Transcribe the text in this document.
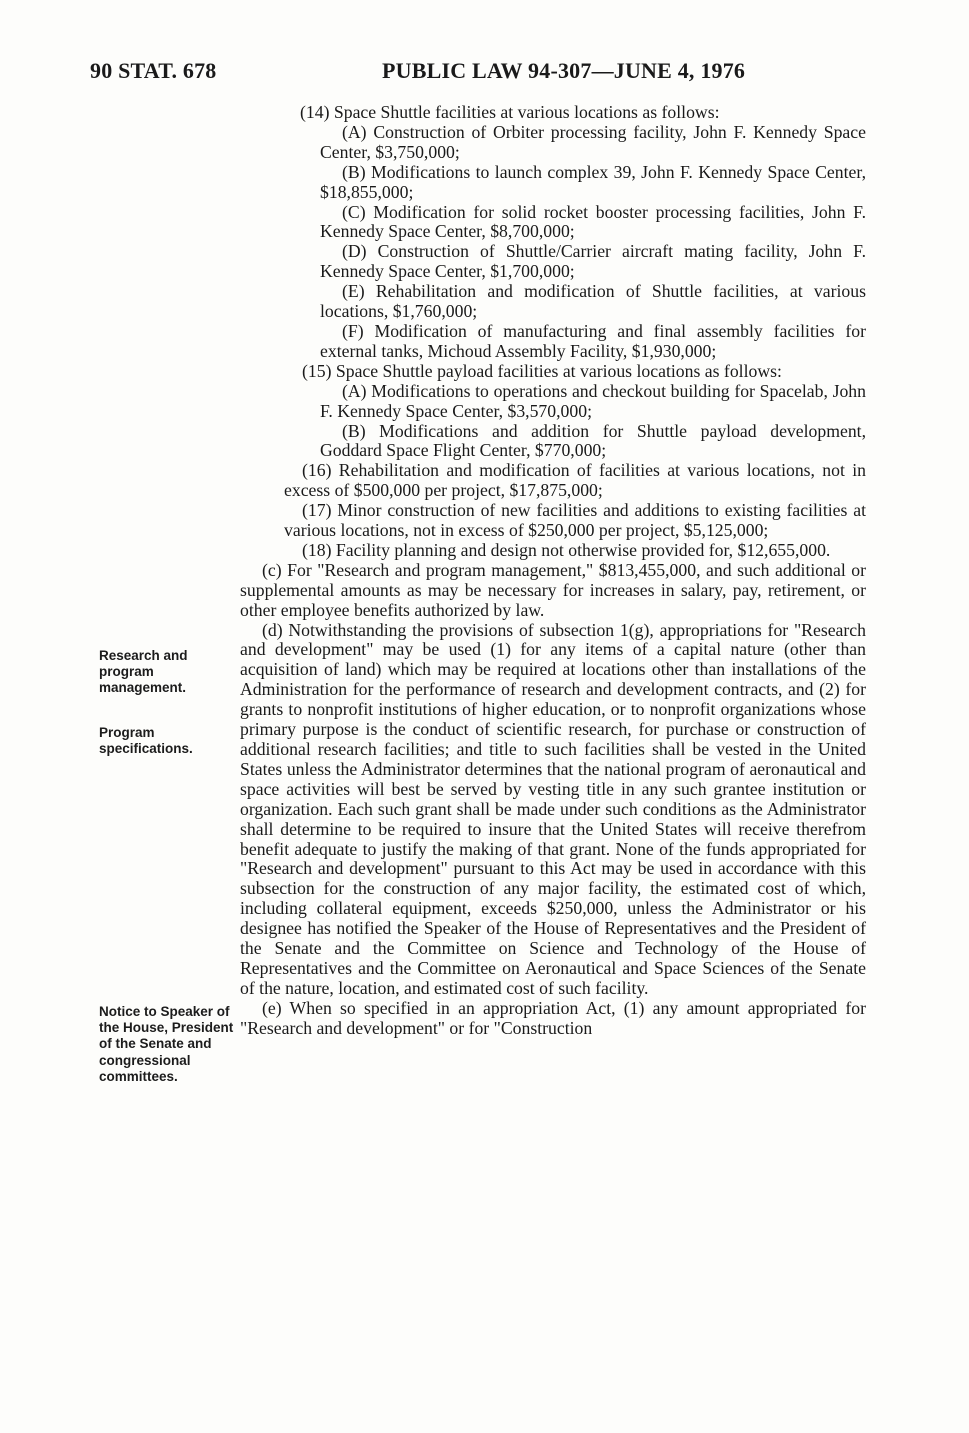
90 STAT. 678	PUBLIC LAW 94-307—JUNE 4, 1976
Research and program management.
Program specifications.
Notice to Speaker of the House, President of the Senate and congressional committees.

(14) Space Shuttle facilities at various locations as follows:

(A) Construction of Orbiter processing facility, John F. Kennedy Space Center, $3,750,000;

(B) Modifications to launch complex 39, John F. Kennedy Space Center, $18,855,000;

(C) Modification for solid rocket booster processing facilities, John F. Kennedy Space Center, $8,700,000;

(D) Construction of Shuttle/Carrier aircraft mating facility, John F. Kennedy Space Center, $1,700,000;

(E) Rehabilitation and modification of Shuttle facilities, at various locations, $1,760,000;

(F) Modification of manufacturing and final assembly facilities for external tanks, Michoud Assembly Facility, $1,930,000;

(15) Space Shuttle payload facilities at various locations as follows:

(A) Modifications to operations and checkout building for Spacelab, John F. Kennedy Space Center, $3,570,000;

(B) Modifications and addition for Shuttle payload development, Goddard Space Flight Center, $770,000;

(16) Rehabilitation and modification of facilities at various locations, not in excess of $500,000 per project, $17,875,000;

(17) Minor construction of new facilities and additions to existing facilities at various locations, not in excess of $250,000 per project, $5,125,000;

(18) Facility planning and design not otherwise provided for, $12,655,000.

(c) For "Research and program management," $813,455,000, and such additional or supplemental amounts as may be necessary for increases in salary, pay, retirement, or other employee benefits authorized by law.

(d) Notwithstanding the provisions of subsection 1(g), appropriations for "Research and development" may be used (1) for any items of a capital nature (other than acquisition of land) which may be required at locations other than installations of the Administration for the performance of research and development contracts, and (2) for grants to nonprofit institutions of higher education, or to nonprofit organizations whose primary purpose is the conduct of scientific research, for purchase or construction of additional research facilities; and title to such facilities shall be vested in the United States unless the Administrator determines that the national program of aeronautical and space activities will best be served by vesting title in any such grantee institution or organization. Each such grant shall be made under such conditions as the Administrator shall determine to be required to insure that the United States will receive therefrom benefit adequate to justify the making of that grant. None of the funds appropriated for "Research and development" pursuant to this Act may be used in accordance with this subsection for the construction of any major facility, the estimated cost of which, including collateral equipment, exceeds $250,000, unless the Administrator or his designee has notified the Speaker of the House of Representatives and the President of the Senate and the Committee on Science and Technology of the House of Representatives and the Committee on Aeronautical and Space Sciences of the Senate of the nature, location, and estimated cost of such facility.

(e) When so specified in an appropriation Act, (1) any amount appropriated for "Research and development" or for "Construction
